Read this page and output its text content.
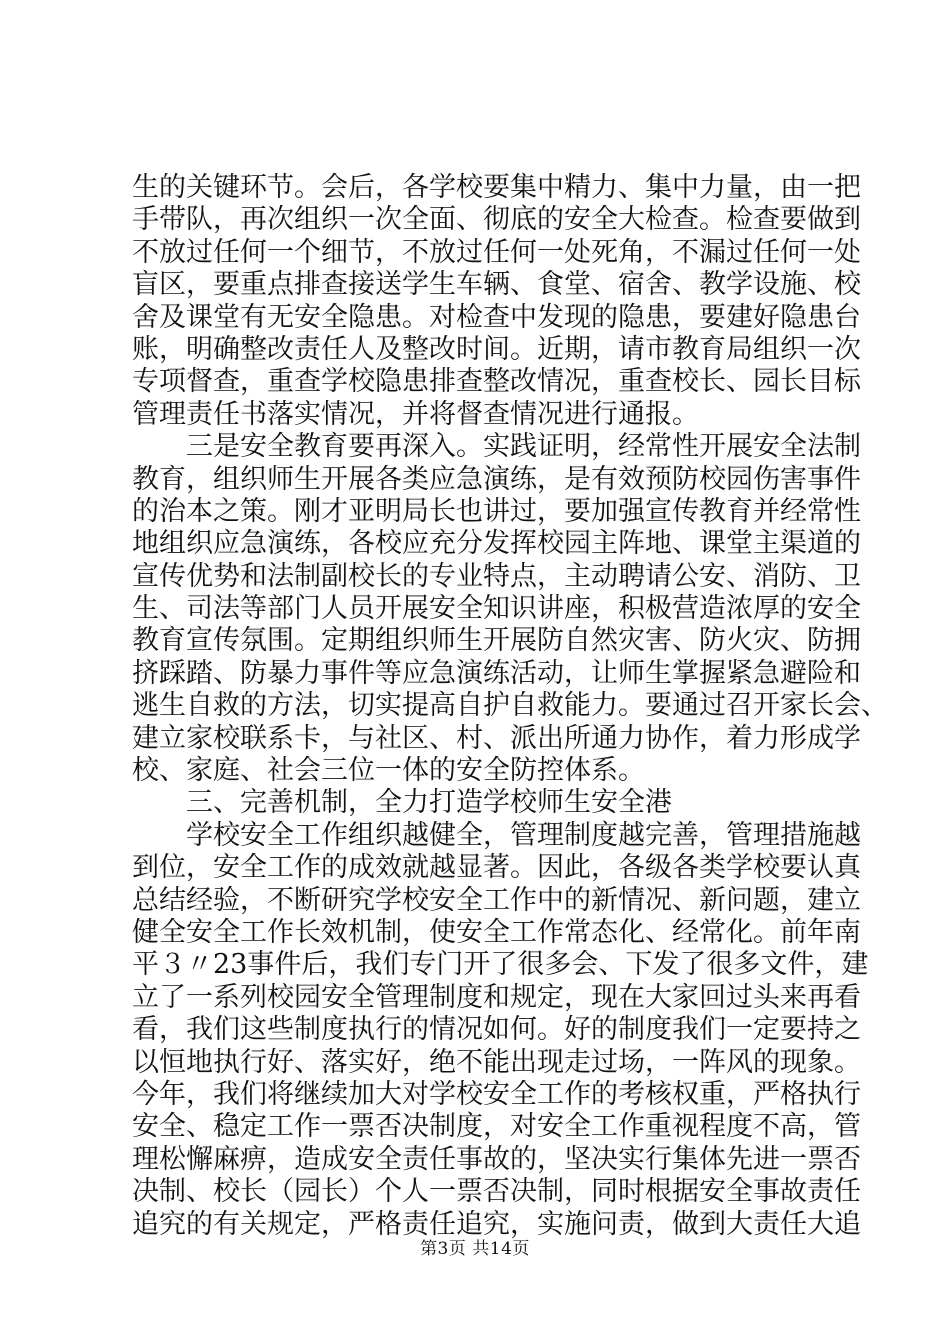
生的关键环节。会后，各学校要集中精力、集中力量，由一把
手带队，再次组织一次全面、彻底的安全大检查。检查要做到
不放过任何一个细节，不放过任何一处死角，不漏过任何一处
盲区，要重点排查接送学生车辆、食堂、宿舍、教学设施、校
舍及课堂有无安全隐患。对检查中发现的隐患，要建好隐患台
账，明确整改责任人及整改时间。近期，请市教育局组织一次
专项督查，重查学校隐患排查整改情况，重查校长、园长目标
管理责任书落实情况，并将督查情况进行通报。
　　三是安全教育要再深入。实践证明，经常性开展安全法制
教育，组织师生开展各类应急演练，是有效预防校园伤害事件
的治本之策。刚才亚明局长也讲过，要加强宣传教育并经常性
地组织应急演练，各校应充分发挥校园主阵地、课堂主渠道的
宣传优势和法制副校长的专业特点，主动聘请公安、消防、卫
生、司法等部门人员开展安全知识讲座，积极营造浓厚的安全
教育宣传氛围。定期组织师生开展防自然灾害、防火灾、防拥
挤踩踏、防暴力事件等应急演练活动，让师生掌握紧急避险和
逃生自救的方法，切实提高自护自救能力。要通过召开家长会、
建立家校联系卡，与社区、村、派出所通力协作，着力形成学
校、家庭、社会三位一体的安全防控体系。
　　三、完善机制，全力打造学校师生安全港
　　学校安全工作组织越健全，管理制度越完善，管理措施越
到位，安全工作的成效就越显著。因此，各级各类学校要认真
总结经验，不断研究学校安全工作中的新情况、新问题，建立
健全安全工作长效机制，使安全工作常态化、经常化。前年南
平３〃23事件后，我们专门开了很多会、下发了很多文件，建
立了一系列校园安全管理制度和规定，现在大家回过头来再看
看，我们这些制度执行的情况如何。好的制度我们一定要持之
以恒地执行好、落实好，绝不能出现走过场，一阵风的现象。
今年，我们将继续加大对学校安全工作的考核权重，严格执行
安全、稳定工作一票否决制度，对安全工作重视程度不高，管
理松懈麻痹，造成安全责任事故的，坚决实行集体先进一票否
决制、校长（园长）个人一票否决制，同时根据安全事故责任
追究的有关规定，严格责任追究，实施问责，做到大责任大追
第3页 共14页
